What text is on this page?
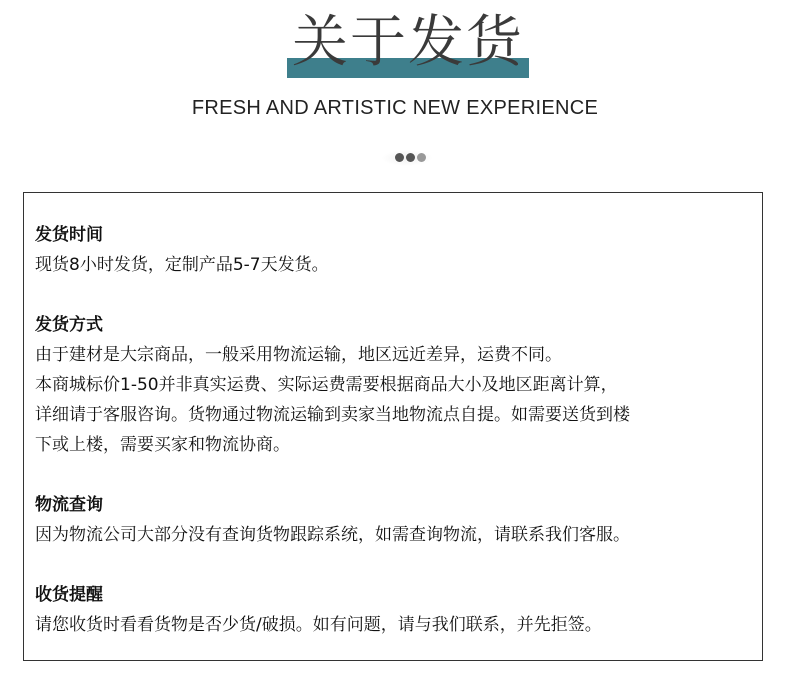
关于发货
FRESH AND ARTISTIC NEW EXPERIENCE
发货时间
现货8小时发货，定制产品5-7天发货。
发货方式
由于建材是大宗商品，一般采用物流运输，地区远近差异，运费不同。
本商城标价1-50并非真实运费、实际运费需要根据商品大小及地区距离计算，
详细请于客服咨询。货物通过物流运输到卖家当地物流点自提。如需要送货到楼
下或上楼，需要买家和物流协商。
物流查询
因为物流公司大部分没有查询货物跟踪系统，如需查询物流，请联系我们客服。
收货提醒
请您收货时看看货物是否少货/破损。如有问题，请与我们联系，并先拒签。
